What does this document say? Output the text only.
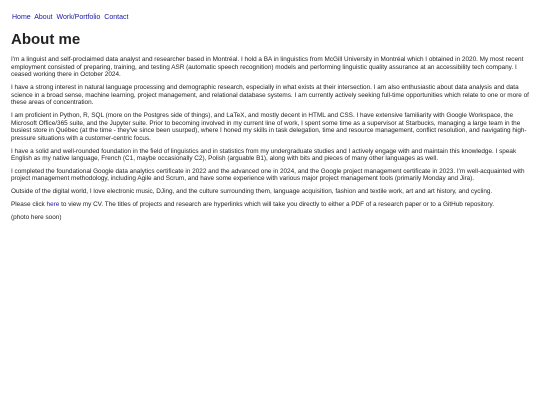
Home About Work/Portfolio Contact
About me

I'm a linguist and self-proclaimed data analyst and researcher based in Montréal. I hold a BA in linguistics from McGill University in Montréal which I obtained in 2020. My most recent employment consisted of preparing, training, and testing ASR (automatic speech recognition) models and performing linguistic quality assurance at an accessibility tech company. I ceased working there in October 2024.

I have a strong interest in natural language processing and demographic research, especially in what exists at their intersection. I am also enthusiastic about data analysis and data science in a broad sense, machine learning, project management, and relational database systems. I am currently actively seeking full-time opportunities which relate to one or more of these areas of concentration.

I am proficient in Python, R, SQL (more on the Postgres side of things), and LaTeX, and mostly decent in HTML and CSS. I have extensive familiarity with Google Workspace, the Microsoft Office/365 suite, and the Jupyter suite. Prior to becoming involved in my current line of work, I spent some time as a supervisor at Starbucks, managing a large team in the busiest store in Québec (at the time - they've since been usurped), where I honed my skills in task delegation, time and resource management, conflict resolution, and navigating high-pressure situations with a customer-centric focus.

I have a solid and well-rounded foundation in the field of linguistics and in statistics from my undergraduate studies and I actively engage with and maintain this knowledge. I speak English as my native language, French (C1, maybe occasionally C2), Polish (arguable B1), along with bits and pieces of many other languages as well.

I completed the foundational Google data analytics certificate in 2022 and the advanced one in 2024, and the Google project management certificate in 2023. I'm well-acquainted with project management methodology, including Agile and Scrum, and have some experience with various major project management tools (primarily Monday and Jira).

Outside of the digital world, I love electronic music, DJing, and the culture surrounding them, language acquisition, fashion and textile work, art and art history, and cycling.

Please click here to view my CV. The titles of projects and research are hyperlinks which will take you directly to either a PDF of a research paper or to a GitHub repository.

(photo here soon)
